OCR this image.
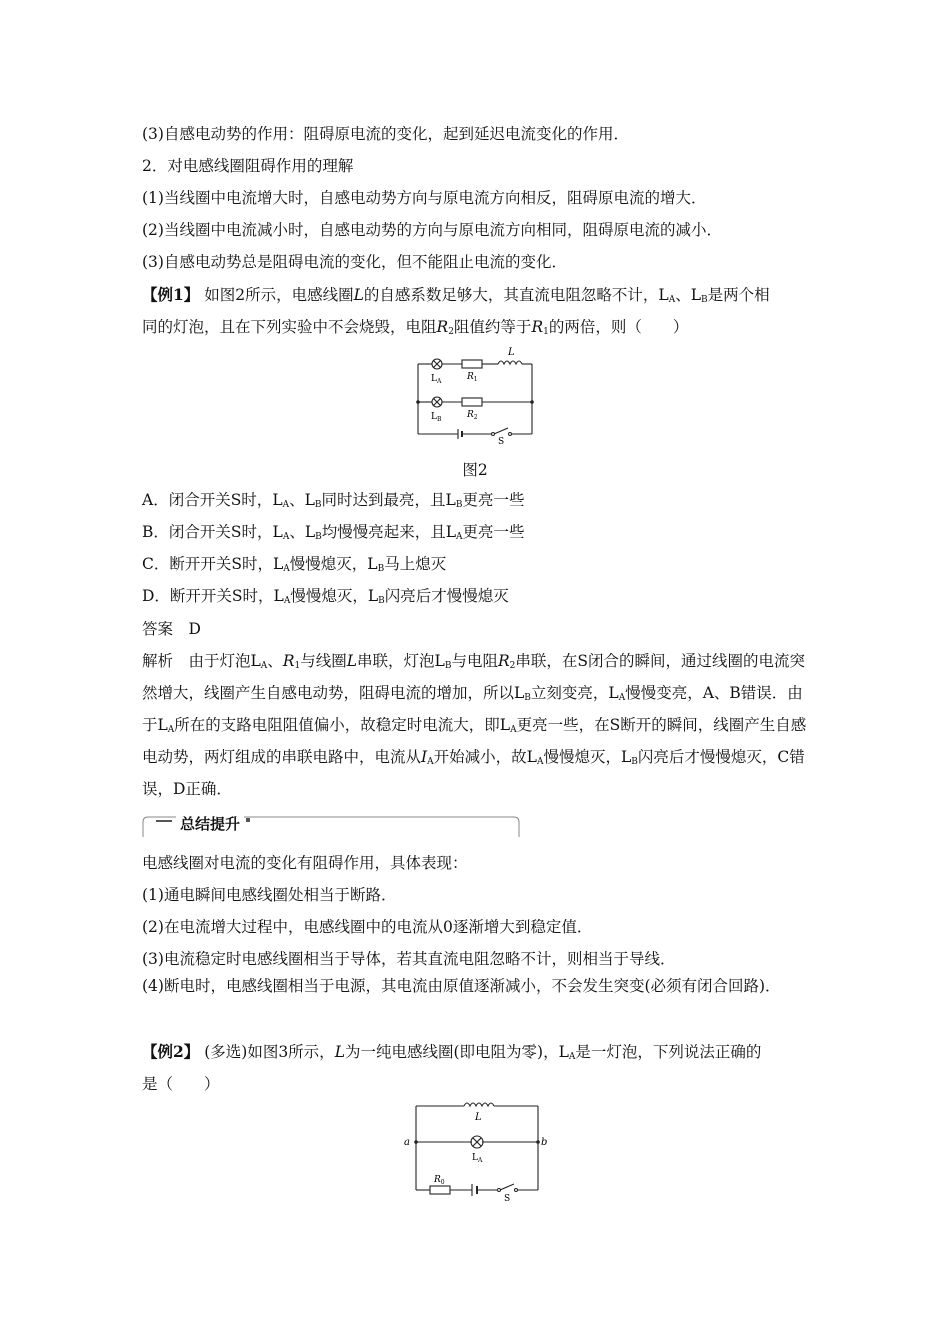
(3)自感电动势的作用：阻碍原电流的变化，起到延迟电流变化的作用．
2．对电感线圈阻碍作用的理解
(1)当线圈中电流增大时，自感电动势方向与原电流方向相反，阻碍原电流的增大．
(2)当线圈中电流减小时，自感电动势的方向与原电流方向相同，阻碍原电流的减小．
(3)自感电动势总是阻碍电流的变化，但不能阻止电流的变化．
【例1】 如图2所示，电感线圈L的自感系数足够大，其直流电阻忽略不计，$L_A$、$L_B$是两个相
同的灯泡，且在下列实验中不会烧毁，电阻$R_2$阻值约等于$R_1$的两倍，则（　　）
L
$L_A$	$R_1$
$L_B$	$R_2$
S
图2
A．闭合开关S时，$L_A$、$L_B$同时达到最亮，且$L_B$更亮一些
B．闭合开关S时，$L_A$、$L_B$均慢慢亮起来，且$L_A$更亮一些
C．断开开关S时，$L_A$慢慢熄灭，$L_B$马上熄灭
D．断开开关S时，$L_A$慢慢熄灭，$L_B$闪亮后才慢慢熄灭
答案　D
解析　由于灯泡$L_A$、$R_1$与线圈L串联，灯泡$L_B$与电阻$R_2$串联，在S闭合的瞬间，通过线圈的电流突然增大，线圈产生自感电动势，阻碍电流的增加，所以$L_B$立刻变亮，$L_A$慢慢变亮，A、B错误．由于$L_A$所在的支路电阻阻值偏小，故稳定时电流大，即$L_A$更亮一些，在S断开的瞬间，线圈产生自感电动势，两灯组成的串联电路中，电流从$I_A$开始减小，故$L_A$慢慢熄灭，$L_B$闪亮后才慢慢熄灭，C错误，D正确．
总结提升
电感线圈对电流的变化有阻碍作用，具体表现：
(1)通电瞬间电感线圈处相当于断路．
(2)在电流增大过程中，电感线圈中的电流从0逐渐增大到稳定值．
(3)电流稳定时电感线圈相当于导体，若其直流电阻忽略不计，则相当于导线．
(4)断电时，电感线圈相当于电源，其电流由原值逐渐减小，不会发生突变(必须有闭合回路)．
【例2】 (多选)如图3所示，L为一纯电感线圈(即电阻为零)，$L_A$是一灯泡，下列说法正确的
是（　　）
L
a	b
$L_A$
$R_0$
S
